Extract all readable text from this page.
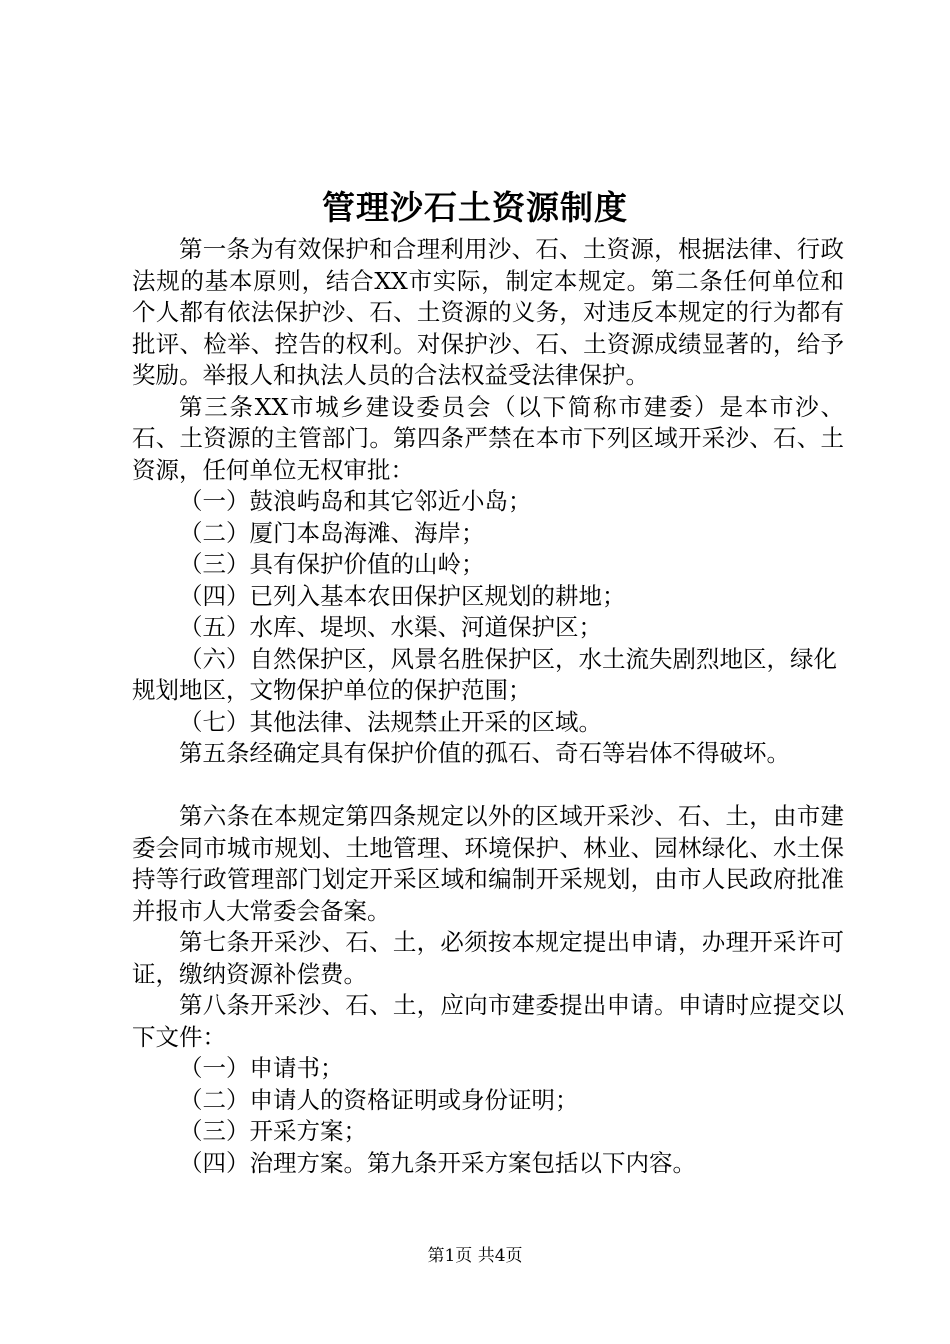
管理沙石土资源制度

第一条为有效保护和合理利用沙、石、土资源，根据法律、行政法规的基本原则，结合XX市实际，制定本规定。第二条任何单位和个人都有依法保护沙、石、土资源的义务，对违反本规定的行为都有批评、检举、控告的权利。对保护沙、石、土资源成绩显著的，给予奖励。举报人和执法人员的合法权益受法律保护。

第三条XX市城乡建设委员会（以下简称市建委）是本市沙、石、土资源的主管部门。第四条严禁在本市下列区域开采沙、石、土资源，任何单位无权审批：

（一）鼓浪屿岛和其它邻近小岛；

（二）厦门本岛海滩、海岸；

（三）具有保护价值的山岭；

（四）已列入基本农田保护区规划的耕地；

（五）水库、堤坝、水渠、河道保护区；

（六）自然保护区，风景名胜保护区，水土流失剧烈地区，绿化规划地区，文物保护单位的保护范围；

（七）其他法律、法规禁止开采的区域。

第五条经确定具有保护价值的孤石、奇石等岩体不得破坏。

第六条在本规定第四条规定以外的区域开采沙、石、土，由市建委会同市城市规划、土地管理、环境保护、林业、园林绿化、水土保持等行政管理部门划定开采区域和编制开采规划，由市人民政府批准并报市人大常委会备案。

第七条开采沙、石、土，必须按本规定提出申请，办理开采许可证，缴纳资源补偿费。

第八条开采沙、石、土，应向市建委提出申请。申请时应提交以下文件：

（一）申请书；

（二）申请人的资格证明或身份证明；

（三）开采方案；

（四）治理方案。第九条开采方案包括以下内容。

第1页 共4页
